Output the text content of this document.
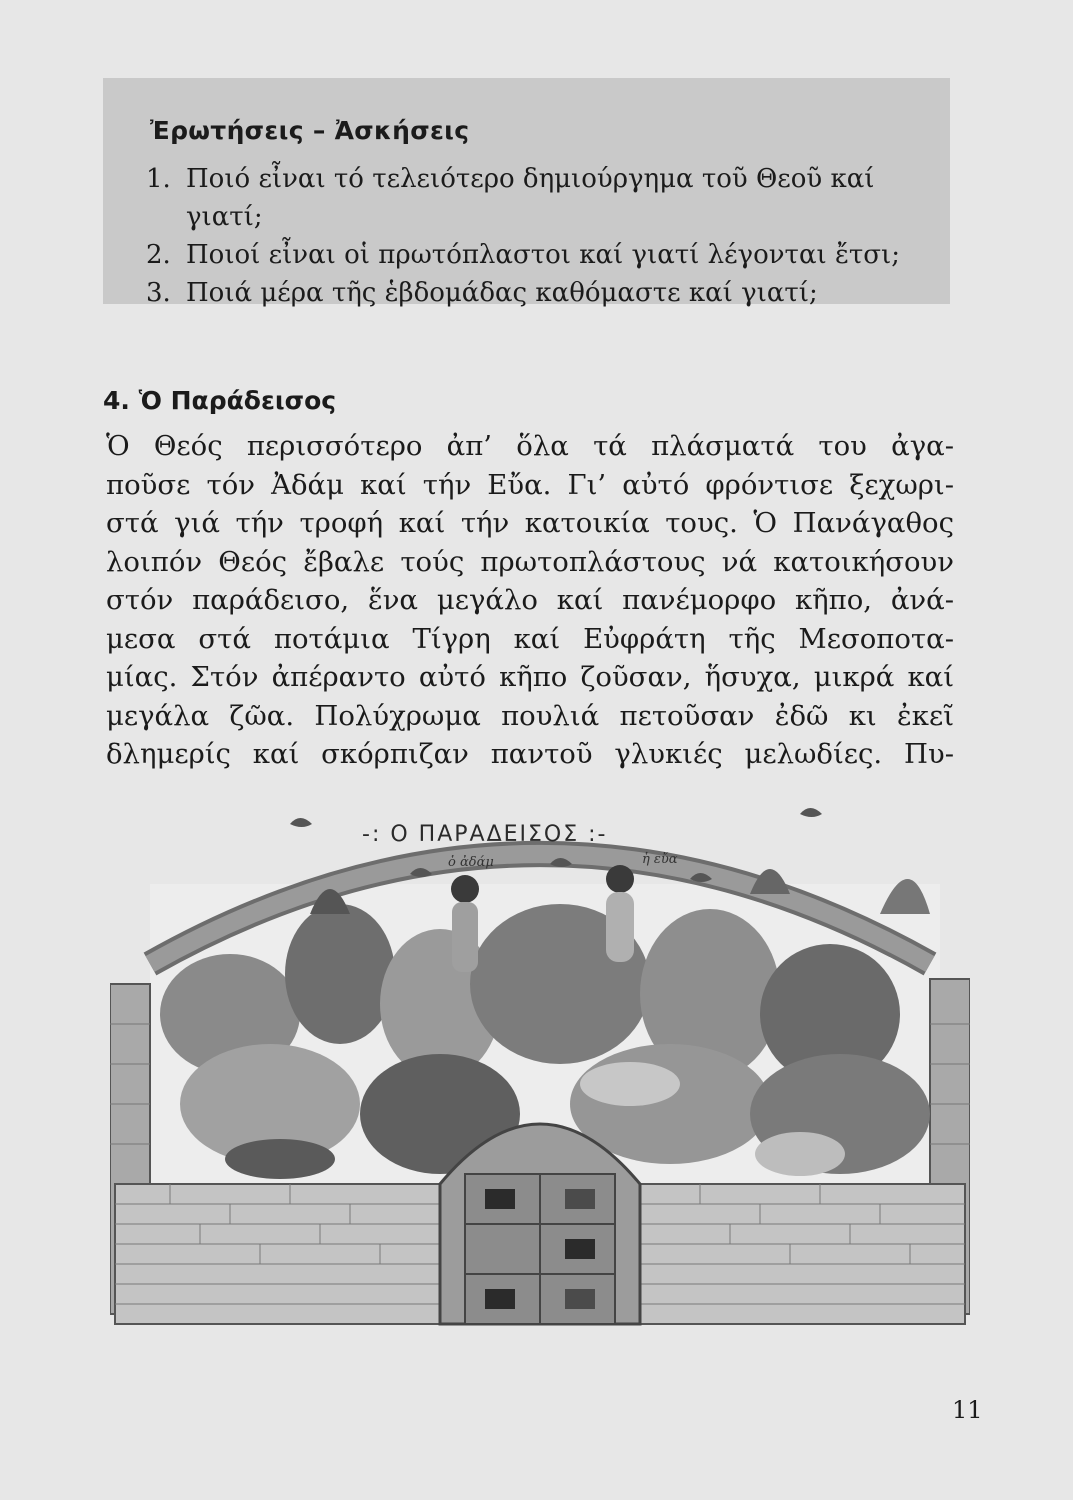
Ἐρωτήσεις – Ἀσκήσεις
1. Ποιό εἶναι τό τελειότερο δημιούργημα τοῦ Θεοῦ καί γιατί;
2. Ποιοί εἶναι οἱ πρωτόπλαστοι καί γιατί λέγονται ἔτσι;
3. Ποιά μέρα τῆς ἑβδομάδας καθόμαστε καί γιατί;
4. Ὁ Παράδεισος

Ὁ Θεός περισσότερο ἀπ’ ὅλα τά πλάσματά του ἀγα-
ποῦσε τόν Ἀδάμ καί τήν Εὔα. Γι’ αὐτό φρόντισε ξεχωρι-
στά γιά τήν τροφή καί τήν κατοικία τους. Ὁ Πανάγαθος
λοιπόν Θεός ἔβαλε τούς πρωτοπλάστους νά κατοικήσουν
στόν παράδεισο, ἕνα μεγάλο καί πανέμορφο κῆπο, ἀνά-
μεσα στά ποτάμια Τίγρη καί Εὐφράτη τῆς Μεσοποτα-
μίας. Στόν ἀπέραντο αὐτό κῆπο ζοῦσαν, ἥσυχα, μικρά καί
μεγάλα ζῶα. Πολύχρωμα πουλιά πετοῦσαν ἐδῶ κι ἐκεῖ
δλημερίς καί σκόρπιζαν παντοῦ γλυκιές μελωδίες. Πυ-

-: Ο ΠΑΡΑΔΕΙΣΟΣ :-
ὁ ἀδάμ	ἡ εὔα
11
